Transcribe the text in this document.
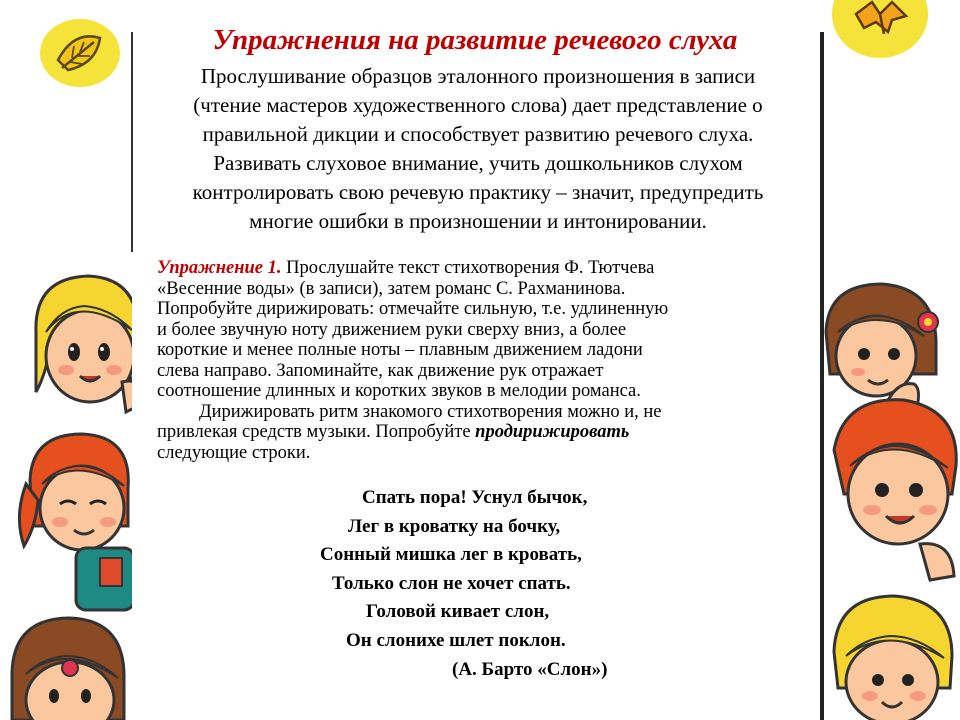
Упражнения на развитие речевого слуха
Прослушивание образцов эталонного произношения в записи
(чтение мастеров художественного слова) дает представление о
правильной дикции и способствует развитию речевого слуха.
Развивать слуховое внимание, учить дошкольников слухом
контролировать свою речевую практику – значит, предупредить
многие ошибки в произношении и интонировании.

Упражнение 1. Прослушайте текст стихотворения Ф. Тютчева
«Весенние воды» (в записи), затем романс С. Рахманинова.
Попробуйте дирижировать: отмечайте сильную, т.е. удлиненную
и более звучную ноту движением руки сверху вниз, а более
короткие и менее полные ноты – плавным движением ладони
слева направо. Запоминайте, как движение рук отражает
соотношение длинных и коротких звуков в мелодии романса.

Дирижировать ритм знакомого стихотворения можно и, не
привлекая средств музыки. Попробуйте продирижировать
следующие строки.

Спать пора! Уснул бычок,
Лег в кроватку на бочку,
Сонный мишка лег в кровать,
Только слон не хочет спать.
Головой кивает слон,
Он слонихе шлет поклон.
(А. Барто «Слон»)
